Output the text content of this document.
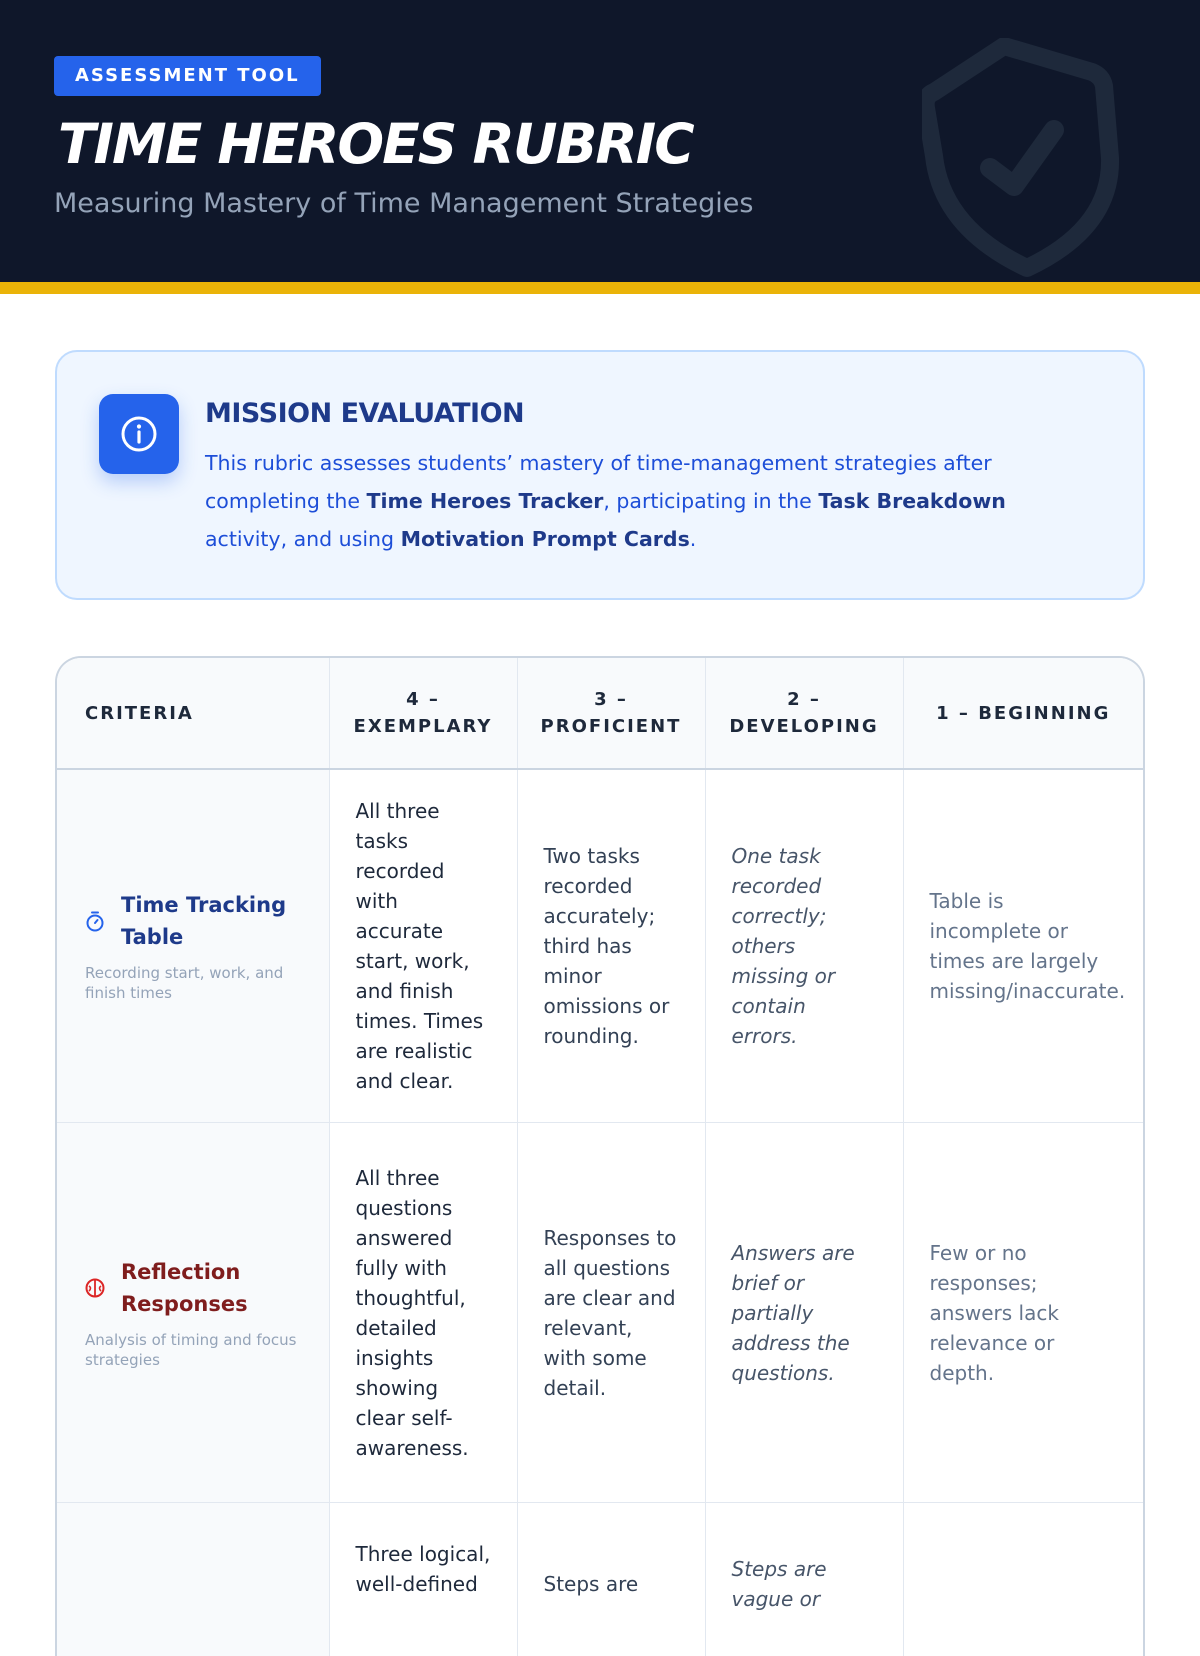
ASSESSMENT TOOL
TIME HEROES RUBRIC
Measuring Mastery of Time Management Strategies
MISSION EVALUATION

This rubric assesses students’ mastery of time-management strategies after completing the Time Heroes Tracker, participating in the Task Breakdown activity, and using Motivation Prompt Cards.

CRITERIA	4 – EXEMPLARY	3 – PROFICIENT	2 – DEVELOPING	1 – BEGINNING

Time Tracking Table
Recording start, work, and finish times	All three tasks recorded with accurate start, work, and finish times. Times are realistic and clear.	Two tasks recorded accurately; third has minor omissions or rounding.	One task recorded correctly; others missing or contain errors.	Table is incomplete or times are largely missing/inaccurate.

Reflection Responses
Analysis of timing and focus strategies	All three questions answered fully with thoughtful, detailed insights showing clear self-awareness.	Responses to all questions are clear and relevant, with some detail.	Answers are brief or partially address the questions.	Few or no responses; answers lack relevance or depth.
	Three logical, well-defined	Steps are	Steps are vague or	
